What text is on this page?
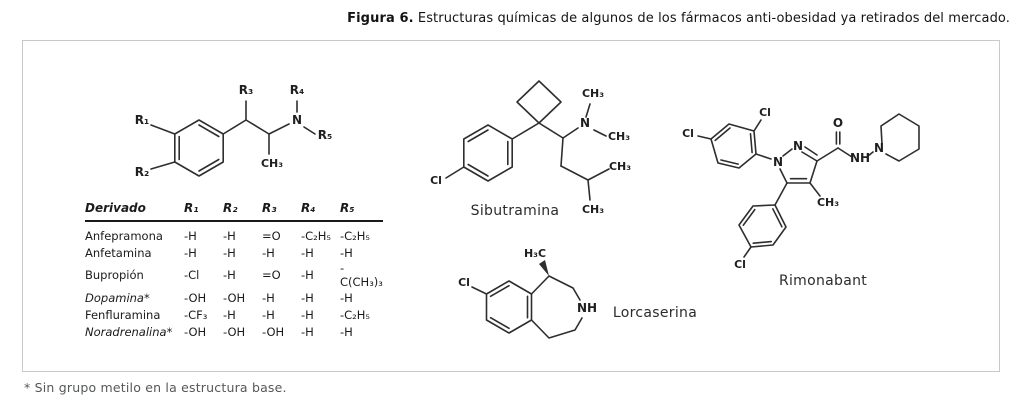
Figura 6. Estructuras químicas de algunos de los fármacos anti-obesidad ya retirados del mercado.
R₁
R₂
R₃	R₄
R₅
N
CH₃
Derivado	R₁	R₂	R₃	R₄	R₅
Anfepramona	-H	-H	=O	-C₂H₅	-C₂H₅
Anfetamina	-H	-H	-H	-H	-H
Bupropión	-Cl	-H	=O	-H	-C(CH₃)₃
Dopamina*	-OH	-OH	-H	-H	-H
Fenfluramina	-CF₃	-H	-H	-H	-C₂H₅
Noradrenalina*	-OH	-OH	-OH	-H	-H
Cl
N
CH₃
CH₃
CH₃
CH₃
Sibutramina
Cl
H₃C
NH	Lorcaserina
Cl
Cl
Cl
N
N	N
NH
O
CH₃
Rimonabant
* Sin grupo metilo en la estructura base.
